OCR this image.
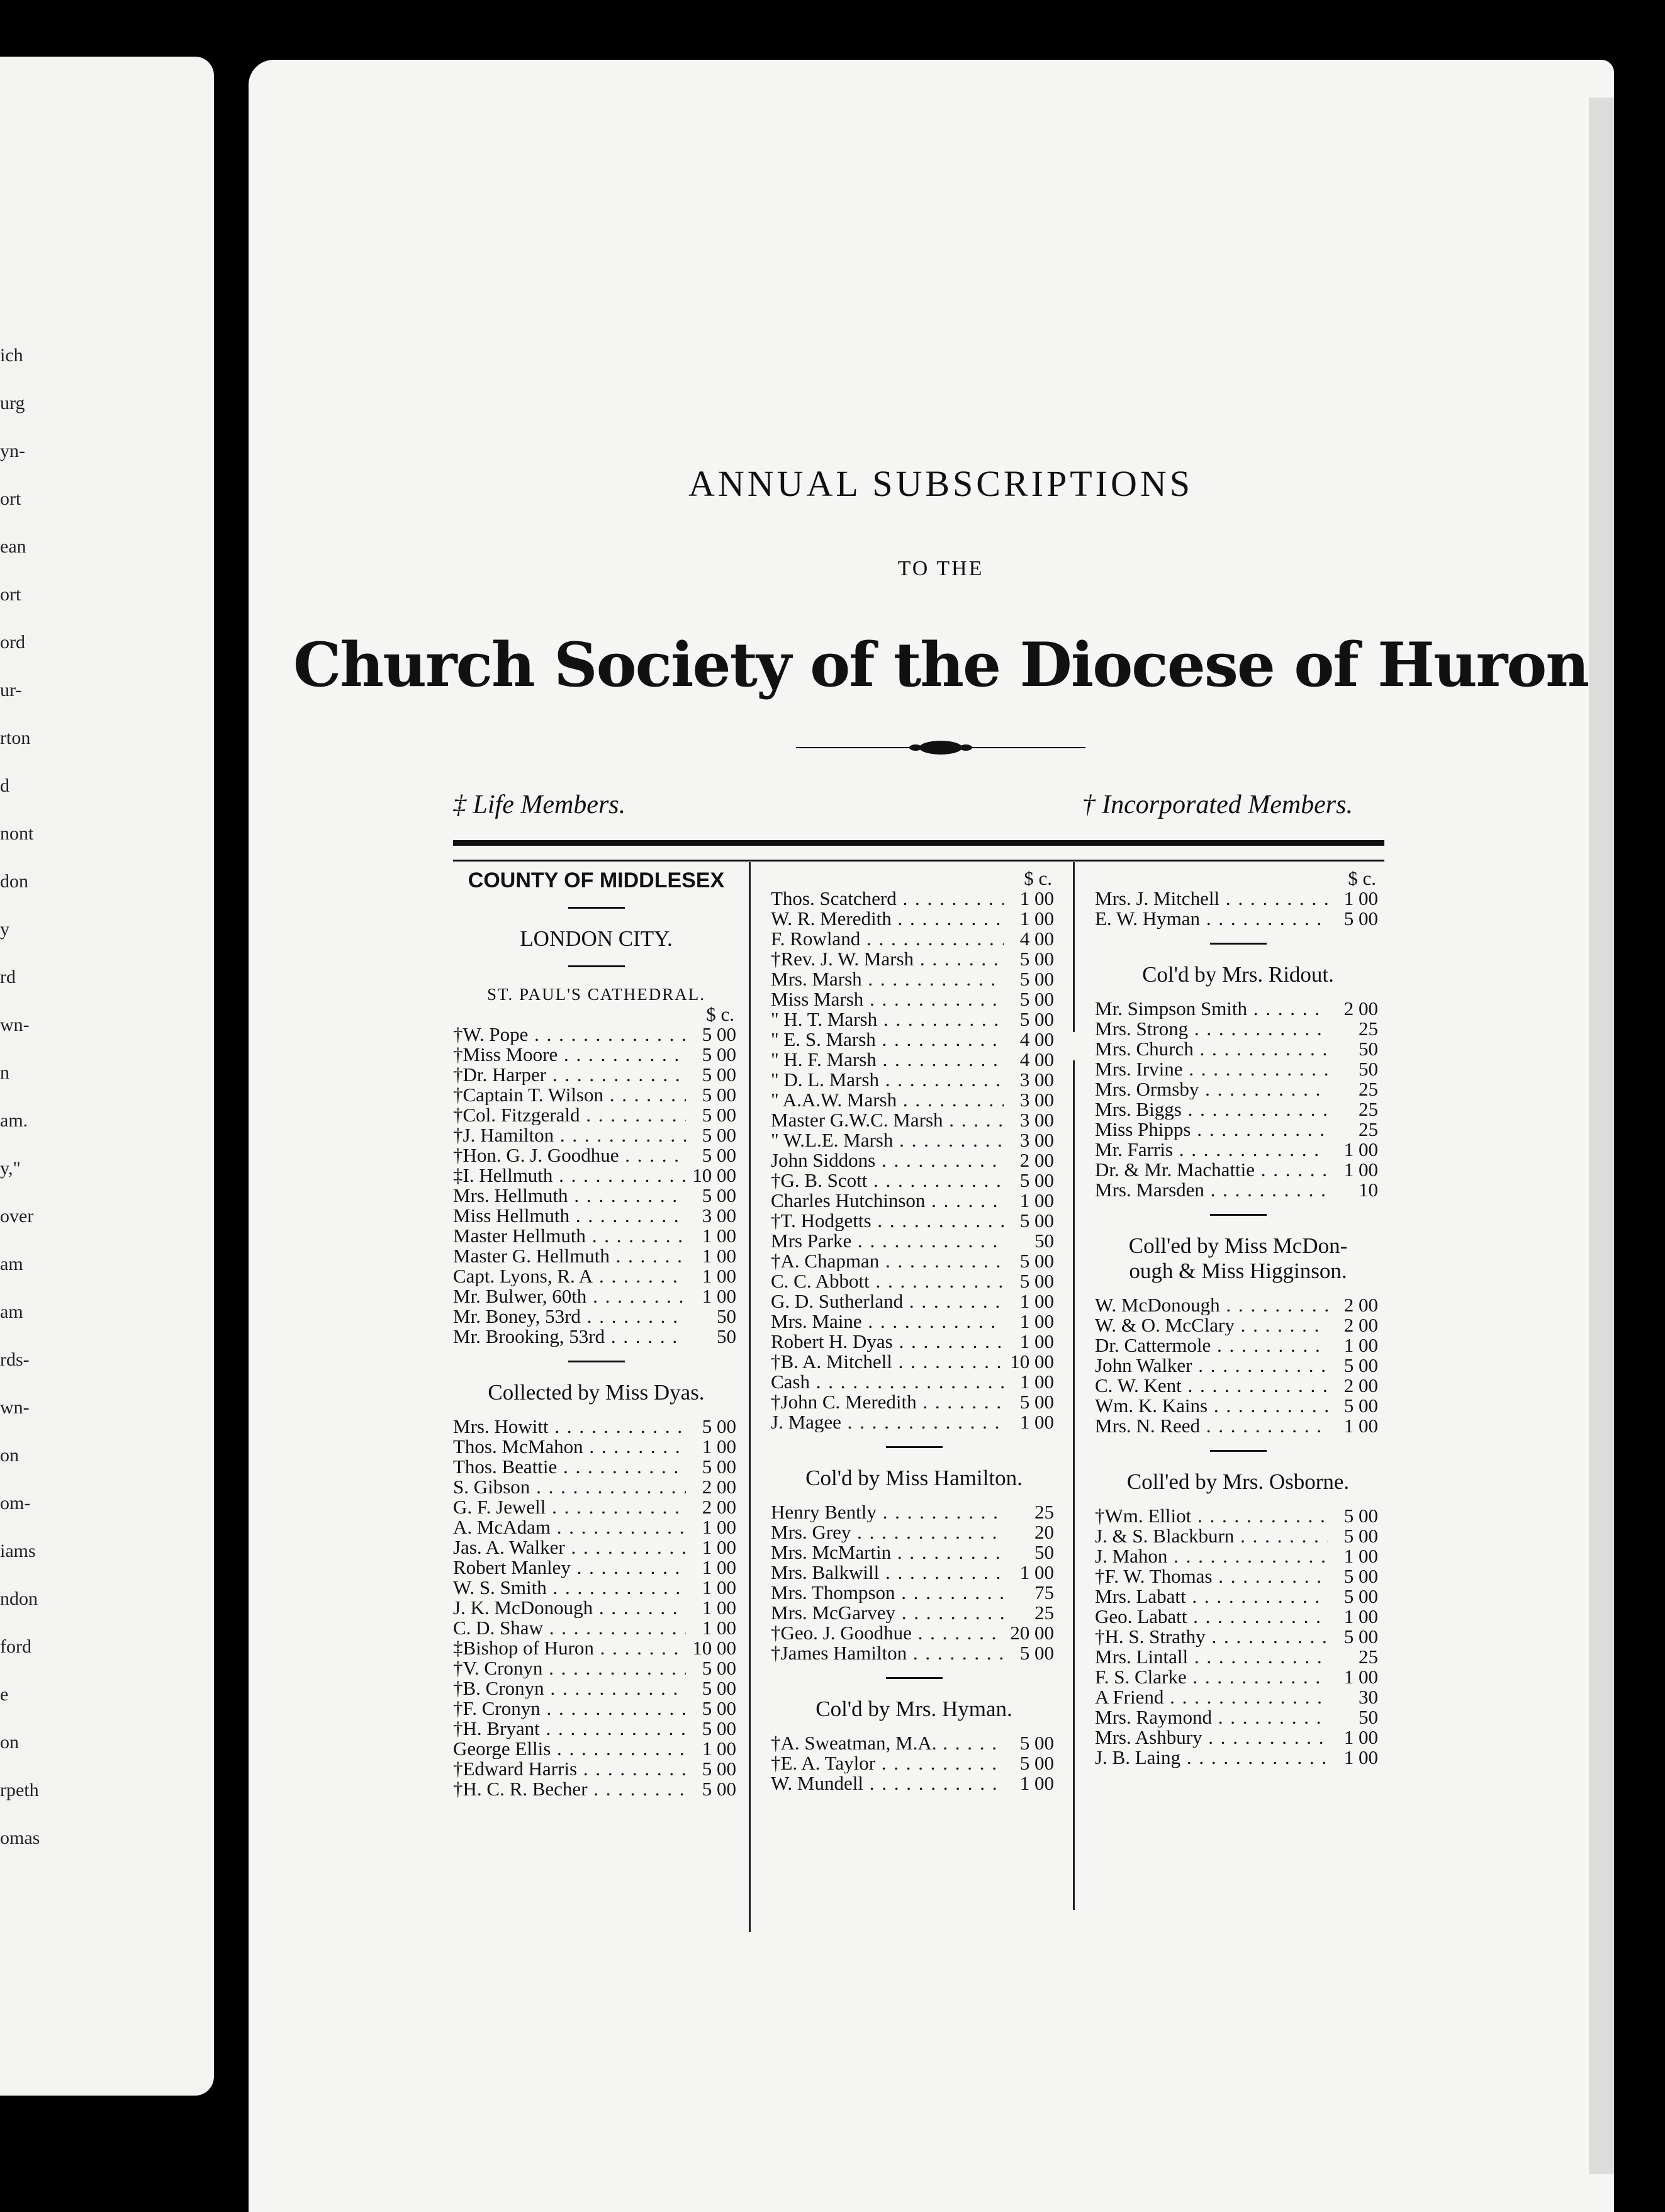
ich
urg
yn-
ort
ean
ort
ord
ur-
rton
d
nont
don
y
rd
wn-
n
am.
y,"
over
am
am
rds-
wn-
on
om-
iams
ndon
ford
e
on
rpeth
omas
ANNUAL SUBSCRIPTIONS
TO THE
Church Society of the Diocese of Huron
‡ Life Members.	† Incorporated Members.
COUNTY OF MIDDLESEX
LONDON CITY.
ST. PAUL'S CATHEDRAL.
$ c.
†W. Pope . . .	5 00
†Miss Moore . . .	5 00
†Dr. Harper . . .	5 00
†Captain T. Wilson . . .	5 00
†Col. Fitzgerald . . .	5 00
†J. Hamilton . . .	5 00
†Hon. G. J. Goodhue . . .	5 00
‡I. Hellmuth . . .	10 00
Mrs. Hellmuth . . .	5 00
Miss Hellmuth . . .	3 00
Master Hellmuth . . .	1 00
Master G. Hellmuth . . .	1 00
Capt. Lyons, R. A . . .	1 00
Mr. Bulwer, 60th . . .	1 00
Mr. Boney, 53rd . . .	50
Mr. Brooking, 53rd . . .	50
Collected by Miss Dyas.
Mrs. Howitt . . .	5 00
Thos. McMahon . . .	1 00
Thos. Beattie . . .	5 00
S. Gibson . . .	2 00
G. F. Jewell . . .	2 00
A. McAdam . . .	1 00
Jas. A. Walker . . .	1 00
Robert Manley . . .	1 00
W. S. Smith . . .	1 00
J. K. McDonough . . .	1 00
C. D. Shaw . . .	1 00
‡Bishop of Huron . . .	10 00
†V. Cronyn . . .	5 00
†B. Cronyn . . .	5 00
†F. Cronyn . . .	5 00
†H. Bryant . . .	5 00
George Ellis . . .	1 00
†Edward Harris . . .	5 00
†H. C. R. Becher . . .	5 00
$ c.
Thos. Scatcherd . . .	1 00
W. R. Meredith . . .	1 00
F. Rowland . . .	4 00
†Rev. J. W. Marsh . . .	5 00
Mrs. Marsh . . .	5 00
Miss Marsh . . .	5 00
" H. T. Marsh . . .	5 00
" E. S. Marsh . . .	4 00
" H. F. Marsh . . .	4 00
" D. L. Marsh . . .	3 00
" A.A.W. Marsh . . .	3 00
Master G.W.C. Marsh . . .	3 00
" W.L.E. Marsh . . .	3 00
John Siddons . . .	2 00
†G. B. Scott . . .	5 00
Charles Hutchinson . . .	1 00
†T. Hodgetts . . .	5 00
Mrs Parke . . .	50
†A. Chapman . . .	5 00
C. C. Abbott . . .	5 00
G. D. Sutherland . . .	1 00
Mrs. Maine . . .	1 00
Robert H. Dyas . . .	1 00
†B. A. Mitchell . . .	10 00
Cash . . .	1 00
†John C. Meredith . . .	5 00
J. Magee . . .	1 00
Col'd by Miss Hamilton.
Henry Bently . . .	25
Mrs. Grey . . .	20
Mrs. McMartin . . .	50
Mrs. Balkwill . . .	1 00
Mrs. Thompson . . .	75
Mrs. McGarvey . . .	25
†Geo. J. Goodhue . . .	20 00
†James Hamilton . . .	5 00
Col'd by Mrs. Hyman.
†A. Sweatman, M.A. . . .	5 00
†E. A. Taylor . . .	5 00
W. Mundell . . .	1 00
$ c.
Mrs. J. Mitchell . . .	1 00
E. W. Hyman . . .	5 00
Col'd by Mrs. Ridout.
Mr. Simpson Smith . . .	2 00
Mrs. Strong . . .	25
Mrs. Church . . .	50
Mrs. Irvine . . .	50
Mrs. Ormsby . . .	25
Mrs. Biggs . . .	25
Miss Phipps . . .	25
Mr. Farris . . .	1 00
Dr. & Mr. Machattie . . .	1 00
Mrs. Marsden . . .	10
Coll'ed by Miss McDon-
ough & Miss Higginson.
W. McDonough . . .	2 00
W. & O. McClary . . .	2 00
Dr. Cattermole . . .	1 00
John Walker . . .	5 00
C. W. Kent . . .	2 00
Wm. K. Kains . . .	5 00
Mrs. N. Reed . . .	1 00
Coll'ed by Mrs. Osborne.
†Wm. Elliot . . .	5 00
J. & S. Blackburn . . .	5 00
J. Mahon . . .	1 00
†F. W. Thomas . . .	5 00
Mrs. Labatt . . .	5 00
Geo. Labatt . . .	1 00
†H. S. Strathy . . .	5 00
Mrs. Lintall . . .	25
F. S. Clarke . . .	1 00
A Friend . . .	30
Mrs. Raymond . . .	50
Mrs. Ashbury . . .	1 00
J. B. Laing . . .	1 00
